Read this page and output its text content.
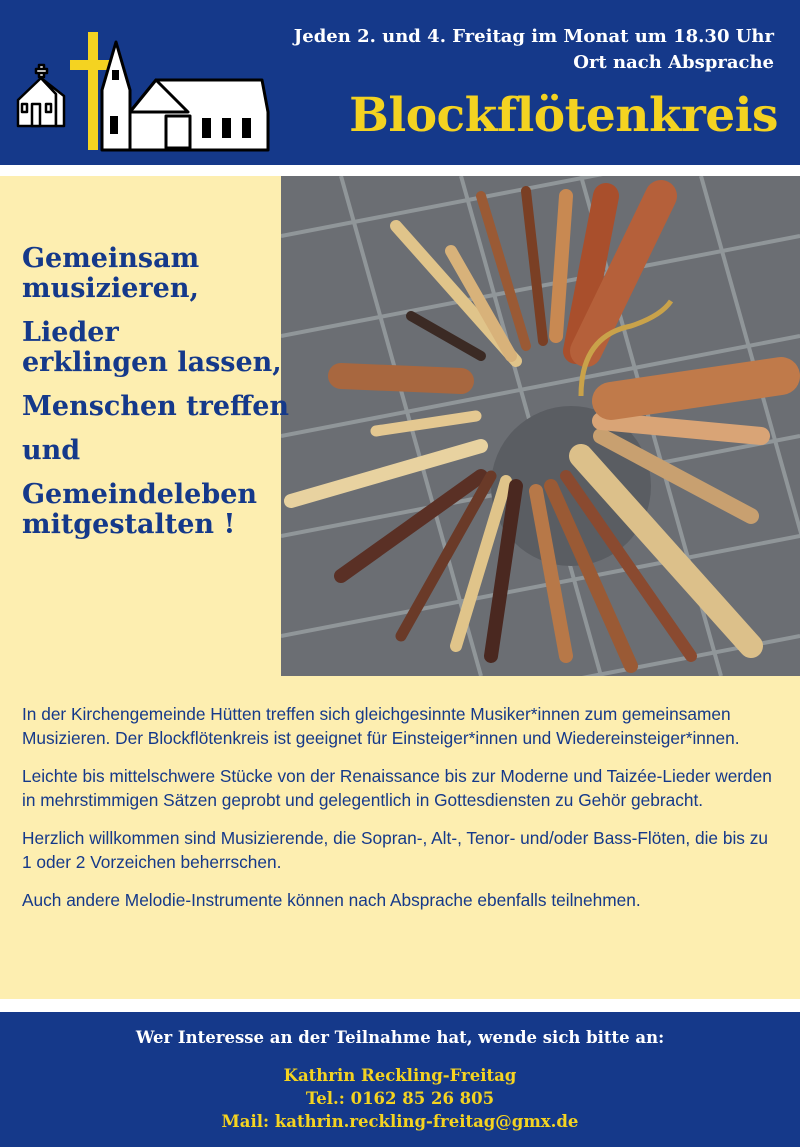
Jeden 2. und 4. Freitag im Monat um 18.30 Uhr
Ort nach Absprache
Blockflötenkreis
Gemeinsam
musizieren,
Lieder
erklingen lassen,
Menschen treffen
und
Gemeindeleben
mitgestalten !

In der Kirchengemeinde Hütten treffen sich gleichgesinnte Musiker*innen zum gemeinsamen Musizieren. Der Blockflötenkreis ist geeignet für Einsteiger*innen und Wiedereinsteiger*innen.

Leichte bis mittelschwere Stücke von der Renaissance bis zur Moderne und Taizée-Lieder werden in mehrstimmigen Sätzen geprobt und gelegentlich in Gottesdiensten zu Gehör gebracht.

Herzlich willkommen sind Musizierende, die Sopran-, Alt-, Tenor- und/oder Bass-Flöten, die bis zu 1 oder 2 Vorzeichen beherrschen.

Auch andere Melodie-Instrumente können nach Absprache ebenfalls teilnehmen.

Wer Interesse an der Teilnahme hat, wende sich bitte an:
Kathrin Reckling-Freitag
Tel.: 0162 85 26 805
Mail: kathrin.reckling-freitag@gmx.de
